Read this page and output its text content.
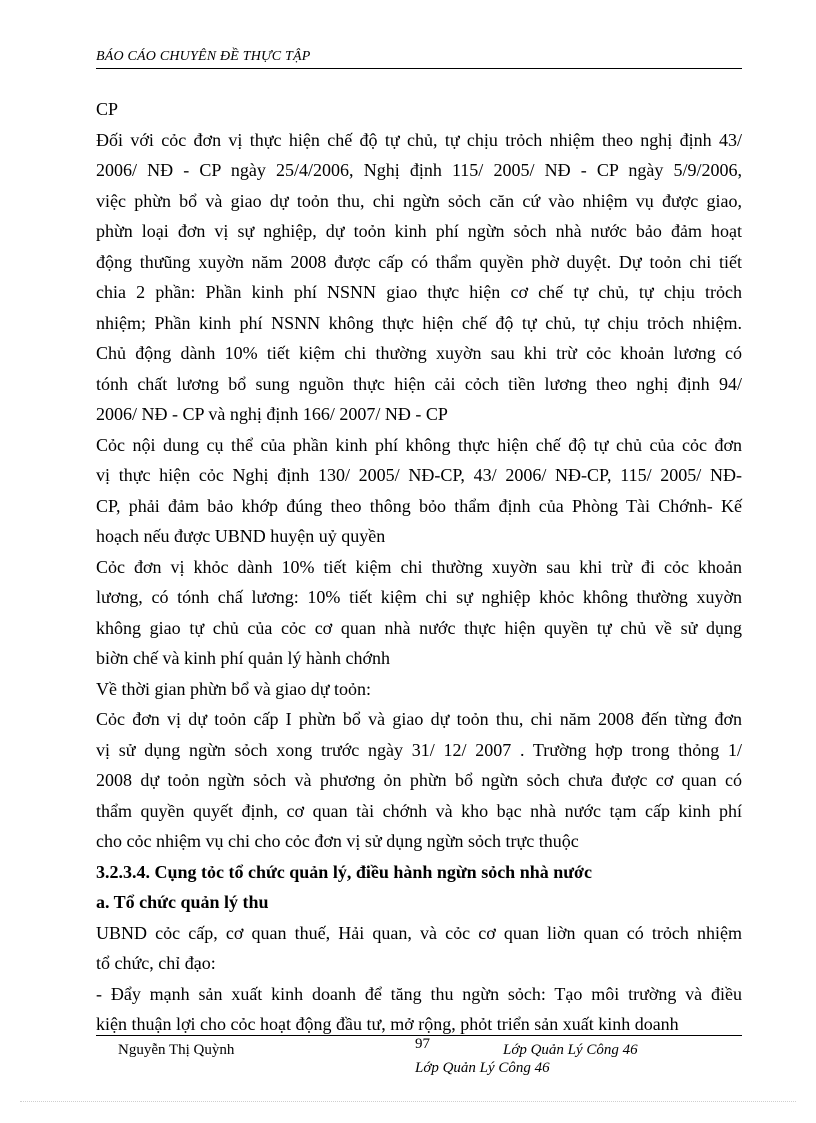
BÁO CÁO CHUYÊN ĐỀ THỰC TẬP
CP
Đối với cỏc đơn vị thực hiện chế độ tự chủ, tự chịu trỏch nhiệm theo nghị định 43/
2006/ NĐ - CP ngày 25/4/2006, Nghị định 115/ 2005/ NĐ - CP ngày 5/9/2006,
việc phừn bổ và giao dự toỏn thu, chi ngừn sỏch căn cứ vào nhiệm vụ được giao,
phừn loại đơn vị sự nghiệp, dự toỏn kinh phí ngừn sỏch nhà nước bảo đảm hoạt
động thưũng xuyờn năm 2008 được cấp có thẩm quyền phờ duyệt. Dự toỏn chi tiết
chia 2 phần: Phần kinh phí NSNN giao thực hiện cơ chế tự chủ, tự chịu trỏch
nhiệm; Phần kinh phí NSNN không thực hiện chế độ tự chủ, tự chịu trỏch nhiệm.
Chủ động dành 10% tiết kiệm chi thường xuyờn sau khi trừ cỏc khoản lương có
tónh chất lương bổ sung nguồn thực hiện cải cỏch tiền lương theo nghị định 94/
2006/ NĐ - CP và nghị định 166/ 2007/ NĐ - CP
Cỏc nội dung cụ thể của phần kinh phí không thực hiện chế độ tự chủ của cỏc đơn
vị thực hiện cỏc Nghị định 130/ 2005/ NĐ-CP, 43/ 2006/ NĐ-CP, 115/ 2005/ NĐ-
CP, phải đảm bảo khớp đúng theo thông bỏo thẩm định của Phòng Tài Chớnh- Kế
hoạch nếu được UBND huyện uỷ quyền
Cỏc đơn vị khỏc dành 10% tiết kiệm chi thường xuyờn sau khi trừ đi cỏc khoản
lương, có tónh chấ lương: 10% tiết kiệm chi sự nghiệp khỏc không thường xuyờn
không giao tự chủ của cỏc cơ quan nhà nước thực hiện quyền tự chủ về sử dụng
biờn chế và kinh phí quản lý hành chớnh
Về thời gian phừn bổ và giao dự toỏn:
Cỏc đơn vị dự toỏn cấp I phừn bổ và giao dự toỏn thu, chi năm 2008 đến từng đơn
vị sử dụng ngừn sỏch xong trước ngày 31/ 12/ 2007 . Trường hợp trong thỏng 1/
2008 dự toỏn ngừn sỏch và phương ỏn phừn bổ ngừn sỏch chưa được cơ quan có
thẩm quyền quyết định, cơ quan tài chớnh và kho bạc nhà nước tạm cấp kinh phí
cho cỏc nhiệm vụ chi cho cỏc đơn vị sử dụng ngừn sỏch trực thuộc
3.2.3.4. Cụng tỏc tổ chức quản lý, điều hành ngừn sỏch nhà nước
a. Tổ chức quản lý thu
UBND cỏc cấp, cơ quan thuế, Hải quan, và cỏc cơ quan liờn quan có trỏch nhiệm
tổ chức, chỉ đạo:
- Đẩy mạnh sản xuất kinh doanh để tăng thu ngừn sỏch: Tạo môi trường và điều
kiện thuận lợi cho cỏc hoạt động đầu tư, mở rộng, phỏt triển sản xuất kinh doanh
Nguyễn Thị Quỳnh	97	Lớp Quản Lý Công 46
Lớp Quản Lý Công 46
